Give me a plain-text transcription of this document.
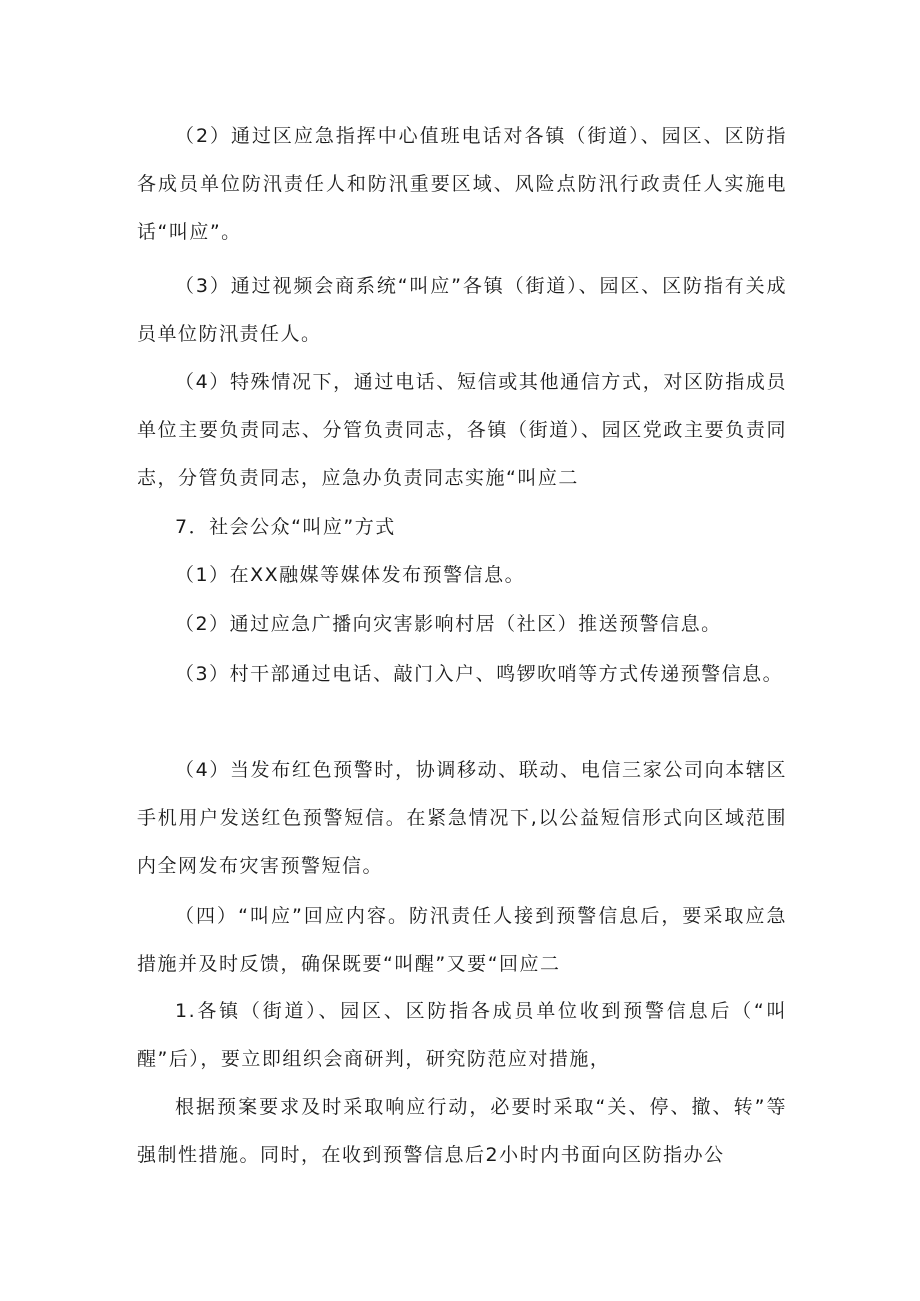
（2）通过区应急指挥中心值班电话对各镇（街道）、园区、区防指各成员单位防汛责任人和防汛重要区域、风险点防汛行政责任人实施电话“叫应”。

（3）通过视频会商系统“叫应”各镇（街道）、园区、区防指有关成员单位防汛责任人。

（4）特殊情况下，通过电话、短信或其他通信方式，对区防指成员单位主要负责同志、分管负责同志，各镇（街道）、园区党政主要负责同志，分管负责同志，应急办负责同志实施“叫应二

7．社会公众“叫应”方式

（1）在XX融媒等媒体发布预警信息。

（2）通过应急广播向灾害影响村居（社区）推送预警信息。

（3）村干部通过电话、敲门入户、鸣锣吹哨等方式传递预警信息。

（4）当发布红色预警时，协调移动、联动、电信三家公司向本辖区手机用户发送红色预警短信。在紧急情况下,以公益短信形式向区域范围内全网发布灾害预警短信。

（四）“叫应”回应内容。防汛责任人接到预警信息后，要采取应急措施并及时反馈，确保既要“叫醒”又要“回应二

1.各镇（街道）、园区、区防指各成员单位收到预警信息后（“叫醒”后），要立即组织会商研判，研究防范应对措施，

根据预案要求及时采取响应行动，必要时采取“关、停、撤、转”等强制性措施。同时，在收到预警信息后2小时内书面向区防指办公
